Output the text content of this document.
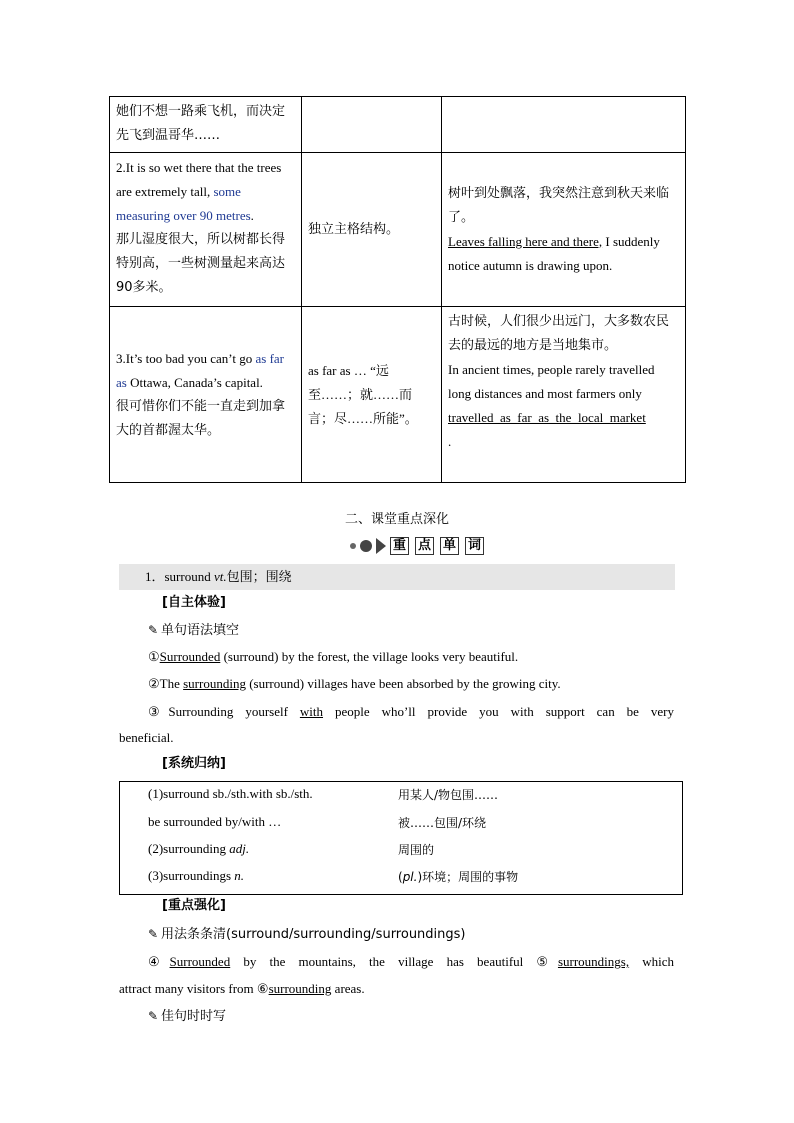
她们不想一路乘飞机，而决定先飞到温哥华……		

2.It is so wet there that the trees are extremely tall, some measuring over 90 metres.
那儿湿度很大，所以树都长得特别高，一些树测量起来高达90多米。	独立主格结构。	树叶到处飘落，我突然注意到秋天来临了。
Leaves falling here and there, I suddenly notice autumn is drawing upon.
3.It’s too bad you can’t go as far as Ottawa, Canada’s capital.
很可惜你们不能一直走到加拿大的首都渥太华。	as far as … “远至……；就……而言；尽……所能”。	古时候，人们很少出远门，大多数农民去的最远的地方是当地集市。
In ancient times, people rarely travelled long distances and most farmers only
travelled_as_far_as_the_local_market
.
二、课堂重点深化
重 点 单 词
1．surround vt.包围；围绕
[自主体验]
✎ 单句语法填空
①Surrounded (surround) by the forest, the village looks very beautiful.
②The surrounding (surround) villages have been absorbed by the growing city.
③Surrounding yourself with people who’ll provide you with support can be very
beneficial.
[系统归纳]
(1)surround sb./sth.with sb./sth.	用某人/物包围……
be surrounded by/with …	被……包围/环绕
(2)surrounding adj.	周围的
(3)surroundings n.	(pl.)环境；周围的事物
[重点强化]
✎ 用法条条清(surround/surrounding/surroundings)
④Surrounded by the mountains, the village has beautiful ⑤surroundings, which
attract many visitors from ⑥surrounding areas.
✎ 佳句时时写
